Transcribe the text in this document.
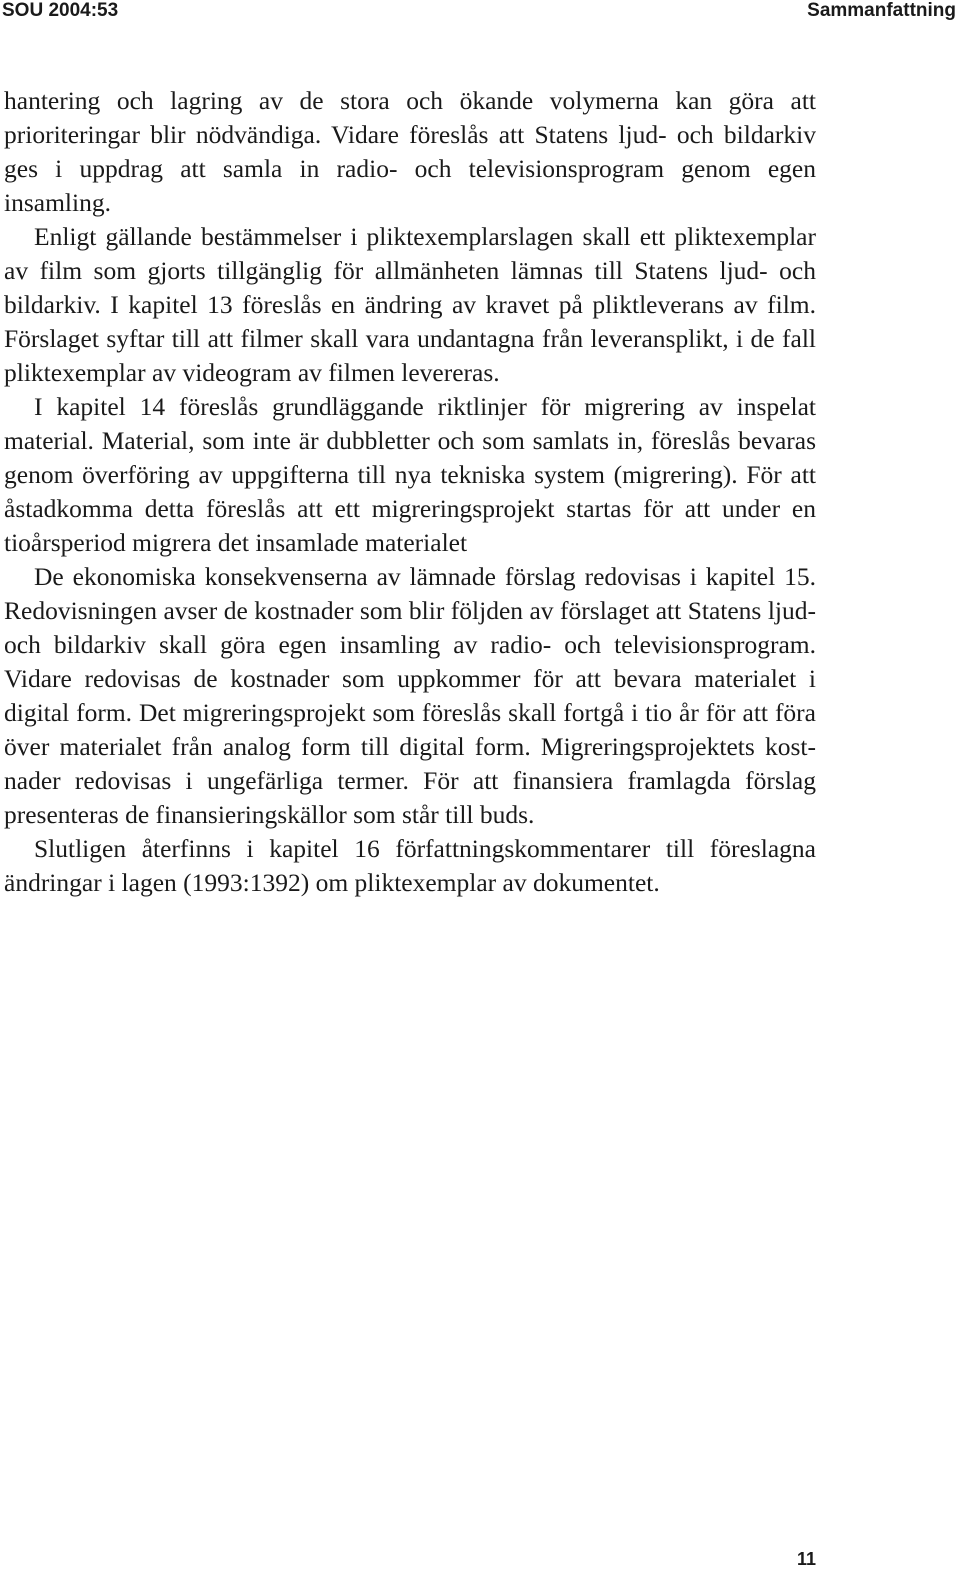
SOU 2004:53	Sammanfattning

hantering och lagring av de stora och ökande volymerna kan göra att prioriteringar blir nödvändiga. Vidare föreslås att Statens ljud- och bildarkiv ges i uppdrag att samla in radio- och televisionsprogram genom egen insamling.

Enligt gällande bestämmelser i pliktexemplarslagen skall ett pliktexemplar av film som gjorts tillgänglig för allmänheten lämnas till Statens ljud- och bildarkiv. I kapitel 13 föreslås en ändring av kravet på pliktleverans av film. Förslaget syftar till att filmer skall vara undantagna från leveransplikt, i de fall pliktexemplar av videogram av filmen levereras.

I kapitel 14 föreslås grundläggande riktlinjer för migrering av inspelat material. Material, som inte är dubbletter och som samlats in, föreslås bevaras genom överföring av uppgifterna till nya tekniska system (migrering). För att åstadkomma detta föreslås att ett migreringsprojekt startas för att under en tioårsperiod migrera det insamlade materialet

De ekonomiska konsekvenserna av lämnade förslag redovisas i kapitel 15. Redovisningen avser de kostnader som blir följden av förslaget att Statens ljud- och bildarkiv skall göra egen insamling av radio- och televisionsprogram. Vidare redovisas de kostnader som uppkommer för att bevara materialet i digital form. Det migreringsprojekt som föreslås skall fortgå i tio år för att föra över materialet från analog form till digital form. Migreringsprojektets kostnader redovisas i ungefärliga termer. För att finansiera framlagda förslag presenteras de finansieringskällor som står till buds.

Slutligen återfinns i kapitel 16 författningskommentarer till föreslagna ändringar i lagen (1993:1392) om pliktexemplar av dokumentet.

11
